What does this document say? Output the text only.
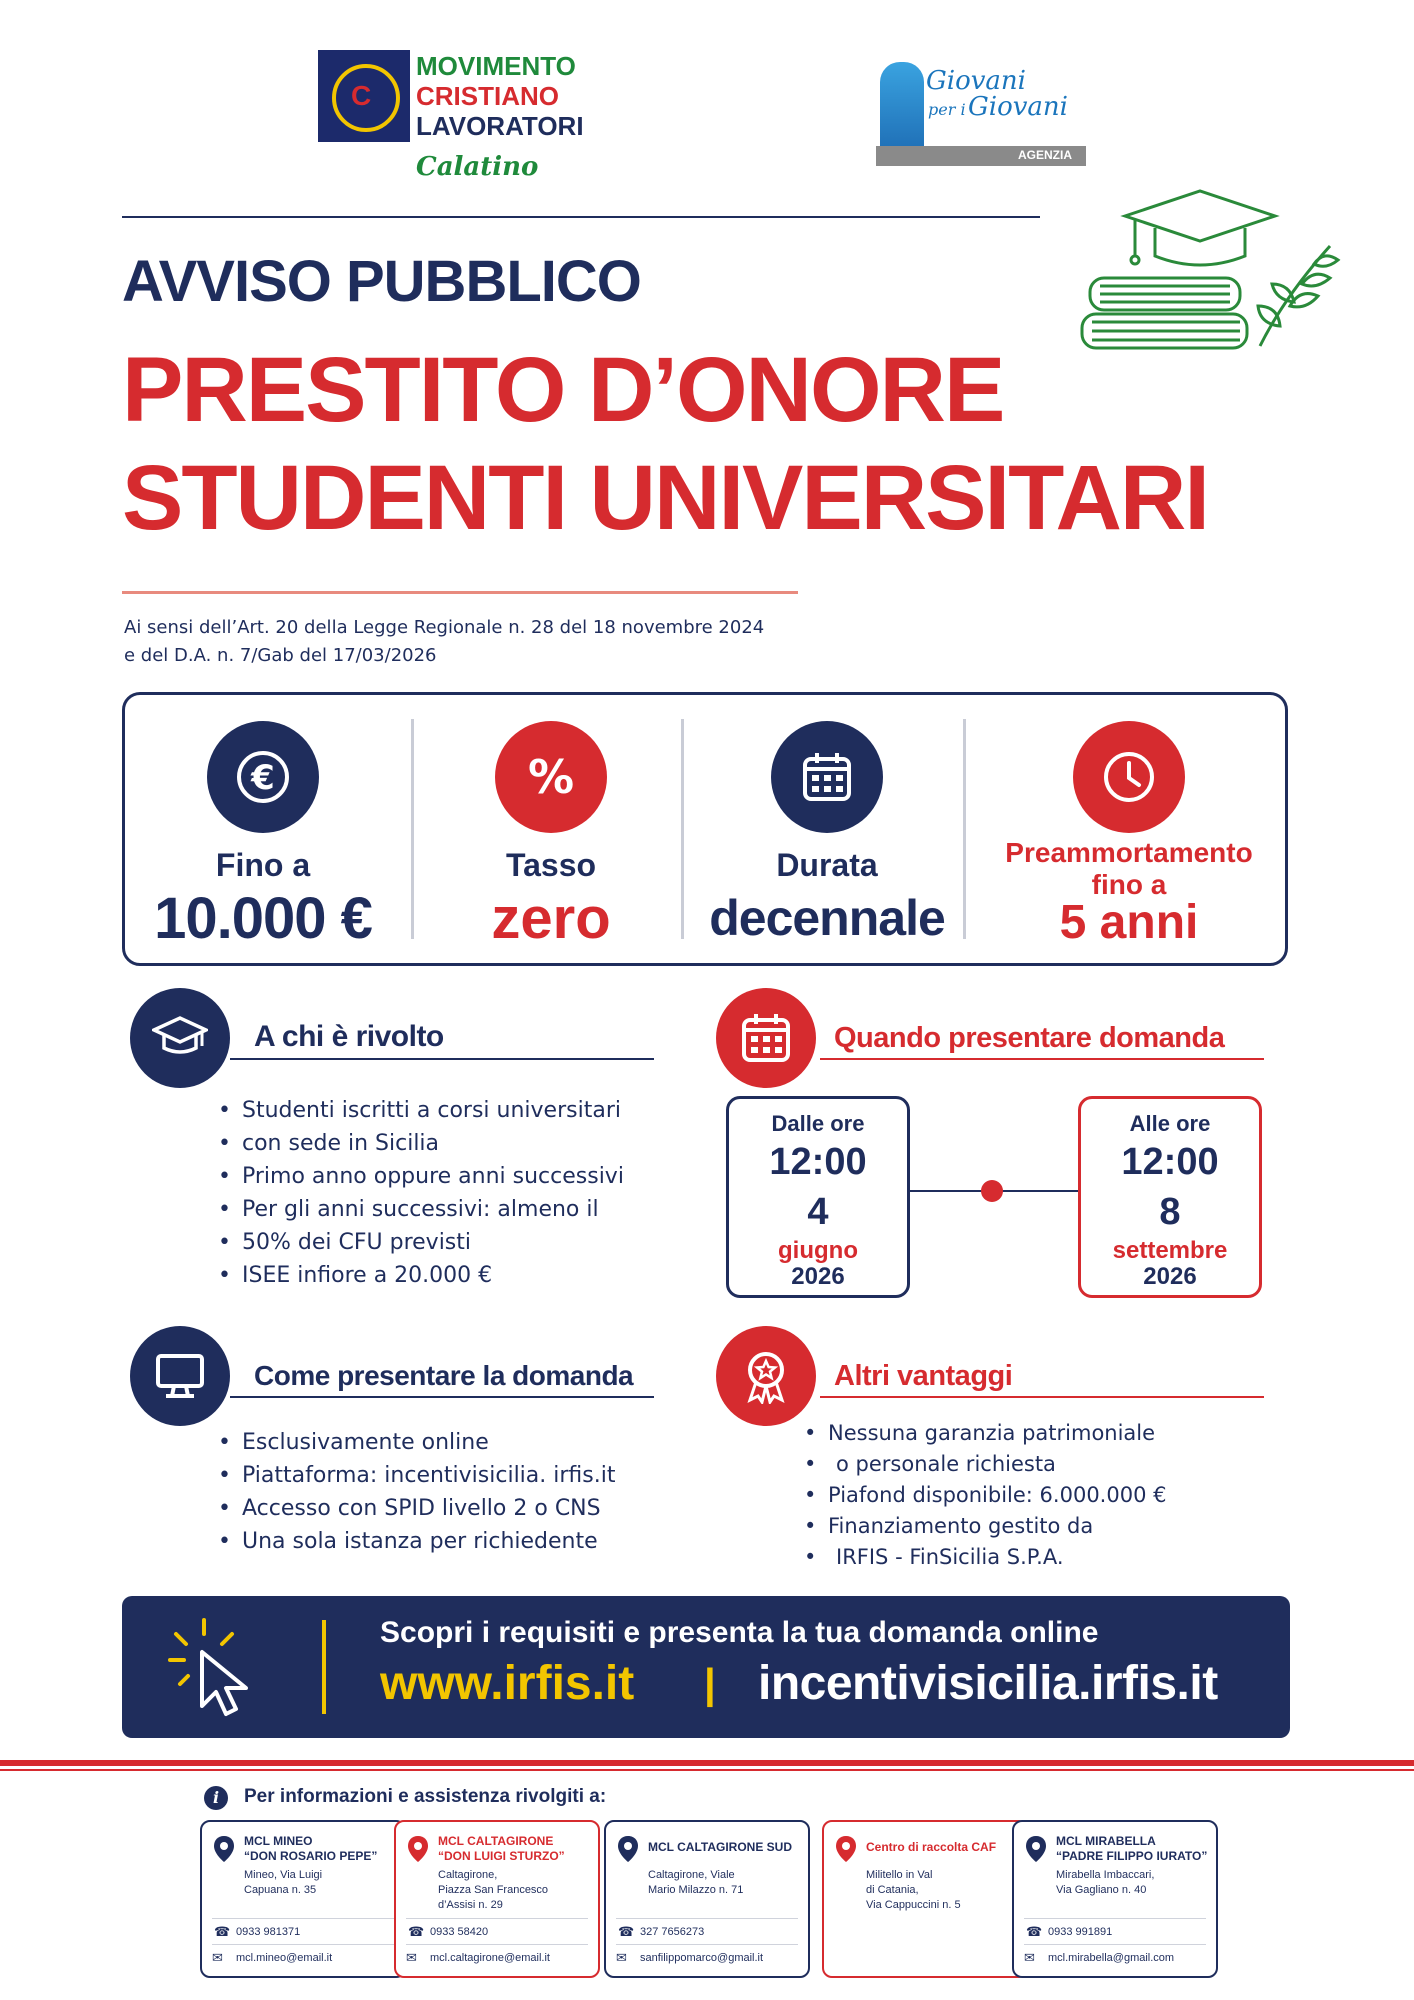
C
MOVIMENTO
CRISTIANO
LAVORATORI
Calatino
Giovani
per i Giovani
AGENZIA
AVVISO PUBBLICO
PRESTITO D’ONORE
STUDENTI UNIVERSITARI
Ai sensi dell’Art. 20 della Legge Regionale n. 28 del 18 novembre 2024
e del D.A. n. 7/Gab del 17/03/2026
€
Fino a
10.000 €
%
Tasso
zero
Durata
decennale
Preammortamento
fino a
5 anni
A chi è rivolto
• Studenti iscritti a corsi universitari
• con sede in Sicilia
• Primo anno oppure anni successivi
• Per gli anni successivi: almeno il
• 50% dei CFU previsti
• ISEE infiore a 20.000 €
Quando presentare domanda
Dalle ore
12:00
4
giugno
2026
Alle ore
12:00
8
settembre
2026
Come presentare la domanda
• Esclusivamente online
• Piattaforma: incentivisicilia. irfis.it
• Accesso con SPID livello 2 o CNS
• Una sola istanza per richiedente
Altri vantaggi
• Nessuna garanzia patrimoniale
• o personale richiesta
• Piafond disponibile: 6.000.000 €
• Finanziamento gestito da
• IRFIS - FinSicilia S.P.A.
Scopri i requisiti e presenta la tua domanda online
www.irfis.it | incentivisicilia.irfis.it
i	Per informazioni e assistenza rivolgiti a:
MCL MINEO
“DON ROSARIO PEPE”
Mineo, Via Luigi
Capuana n. 35
☎ 0933 981371
✉ mcl.mineo@email.it
MCL CALTAGIRONE
“DON LUIGI STURZO”
Caltagirone,
Piazza San Francesco
d’Assisi n. 29
☎ 0933 58420
✉ mcl.caltagirone@email.it
MCL CALTAGIRONE SUD
Caltagirone, Viale
Mario Milazzo n. 71
☎ 327 7656273
✉ sanfilippomarco@gmail.it
Centro di raccolta CAF
Militello in Val
di Catania,
Via Cappuccini n. 5
MCL MIRABELLA
“PADRE FILIPPO IURATO”
Mirabella Imbaccari,
Via Gagliano n. 40
☎ 0933 991891
✉ mcl.mirabella@gmail.com
